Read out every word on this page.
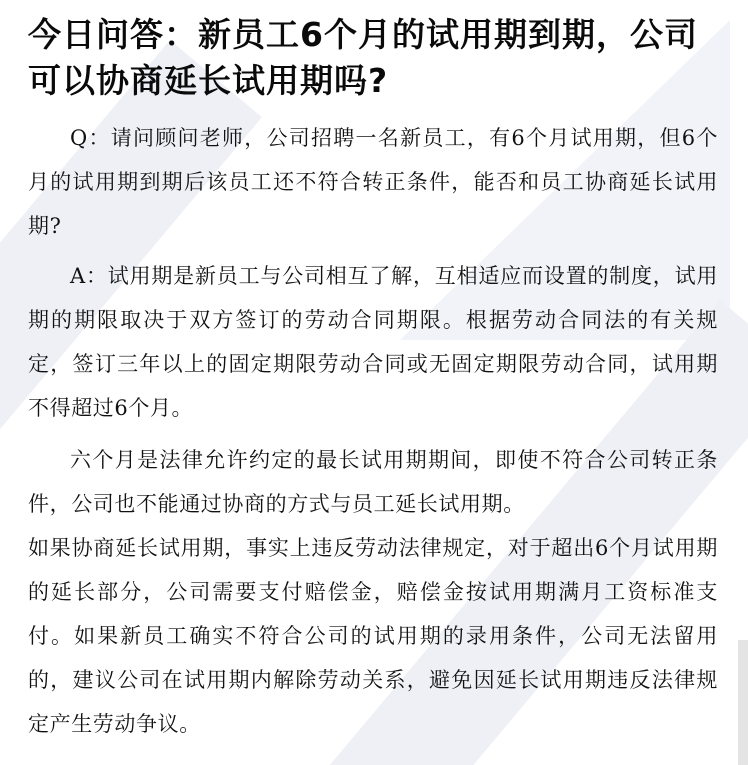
今日问答：新员工6个月的试用期到期，公司可以协商延长试用期吗?

Q：请问顾问老师，公司招聘一名新员工，有6个月试用期，但6个月的试用期到期后该员工还不符合转正条件，能否和员工协商延长试用期?

A：试用期是新员工与公司相互了解，互相适应而设置的制度，试用期的期限取决于双方签订的劳动合同期限。根据劳动合同法的有关规定，签订三年以上的固定期限劳动合同或无固定期限劳动合同，试用期不得超过6个月。

六个月是法律允许约定的最长试用期期间，即使不符合公司转正条件，公司也不能通过协商的方式与员工延长试用期。

如果协商延长试用期，事实上违反劳动法律规定，对于超出6个月试用期的延长部分，公司需要支付赔偿金，赔偿金按试用期满月工资标准支付。如果新员工确实不符合公司的试用期的录用条件，公司无法留用的，建议公司在试用期内解除劳动关系，避免因延长试用期违反法律规定产生劳动争议。
